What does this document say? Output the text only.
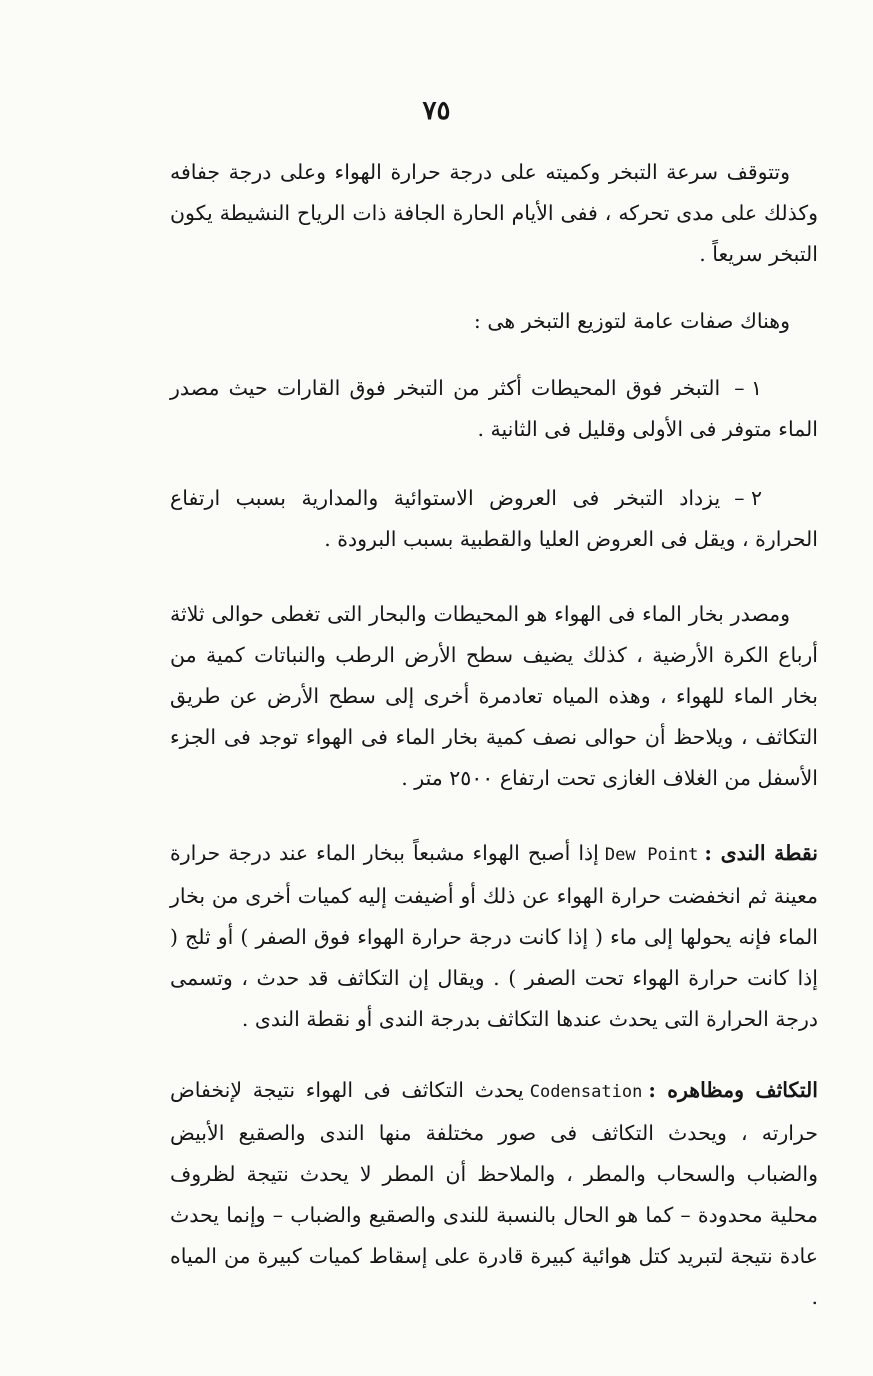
٧٥

وتتوقف سرعة التبخر وكميته على درجة حرارة الهواء وعلى درجة جفافه وكذلك على مدى تحركه ، ففى الأيام الحارة الجافة ذات الرياح النشيطة يكون التبخر سريعاً .

وهناك صفات عامة لتوزيع التبخر هى :

١ –التبخر فوق المحيطات أكثر من التبخر فوق القارات حيث مصدر الماء متوفر فى الأولى وقليل فى الثانية .

٢ –يزداد التبخر فى العروض الاستوائية والمدارية بسبب ارتفاع الحرارة ، ويقل فى العروض العليا والقطبية بسبب البرودة .

ومصدر بخار الماء فى الهواء هو المحيطات والبحار التى تغطى حوالى ثلاثة أرباع الكرة الأرضية ، كذلك يضيف سطح الأرض الرطب والنباتات كمية من بخار الماء للهواء ، وهذه المياه تعادمرة أخرى إلى سطح الأرض عن طريق التكاثف ، ويلاحظ أن حوالى نصف كمية بخار الماء فى الهواء توجد فى الجزء الأسفل من الغلاف الغازى تحت ارتفاع ٢٥٠٠ متر .

نقطة الندى :Dew Pointإذا أصبح الهواء مشبعاً ببخار الماء عند درجة حرارة معينة ثم انخفضت حرارة الهواء عن ذلك أو أضيفت إليه كميات أخرى من بخار الماء فإنه يحولها إلى ماء ( إذا كانت درجة حرارة الهواء فوق الصفر ) أو ثلج ( إذا كانت حرارة الهواء تحت الصفر ) . ويقال إن التكاثف قد حدث ، وتسمى درجة الحرارة التى يحدث عندها التكاثف بدرجة الندى أو نقطة الندى .

التكاثف ومظاهره :Codensationيحدث التكاثف فى الهواء نتيجة لإنخفاض حرارته ، ويحدث التكاثف فى صور مختلفة منها الندى والصقيع الأبيض والضباب والسحاب والمطر ، والملاحظ أن المطر لا يحدث نتيجة لظروف محلية محدودة – كما هو الحال بالنسبة للندى والصقيع والضباب – وإنما يحدث عادة نتيجة لتبريد كتل هوائية كبيرة قادرة على إسقاط كميات كبيرة من المياه .
